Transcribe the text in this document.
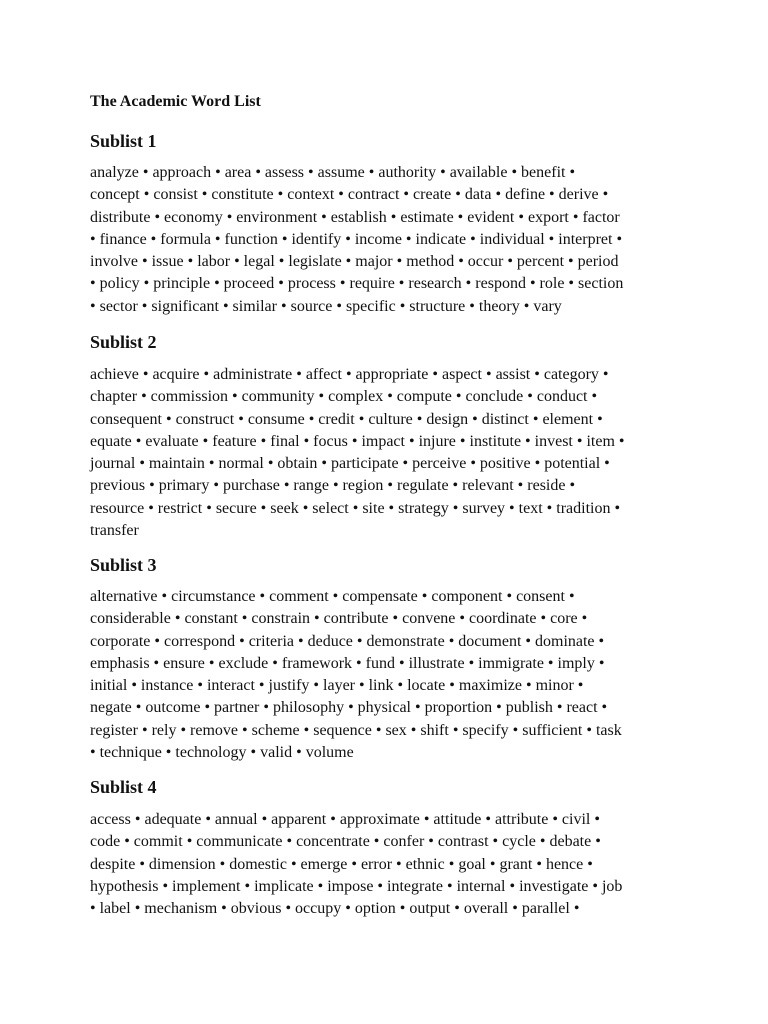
The Academic Word List
Sublist 1
analyze • approach • area • assess • assume • authority • available • benefit •
concept • consist • constitute • context • contract • create • data • define • derive •
distribute • economy • environment • establish • estimate • evident • export • factor
• finance • formula • function • identify • income • indicate • individual • interpret •
involve • issue • labor • legal • legislate • major • method • occur • percent • period
• policy • principle • proceed • process • require • research • respond • role • section
• sector • significant • similar • source • specific • structure • theory • vary
Sublist 2
achieve • acquire • administrate • affect • appropriate • aspect • assist • category •
chapter • commission • community • complex • compute • conclude • conduct •
consequent • construct • consume • credit • culture • design • distinct • element •
equate • evaluate • feature • final • focus • impact • injure • institute • invest • item •
journal • maintain • normal • obtain • participate • perceive • positive • potential •
previous • primary • purchase • range • region • regulate • relevant • reside •
resource • restrict • secure • seek • select • site • strategy • survey • text • tradition •
transfer
Sublist 3
alternative • circumstance • comment • compensate • component • consent •
considerable • constant • constrain • contribute • convene • coordinate • core •
corporate • correspond • criteria • deduce • demonstrate • document • dominate •
emphasis • ensure • exclude • framework • fund • illustrate • immigrate • imply •
initial • instance • interact • justify • layer • link • locate • maximize • minor •
negate • outcome • partner • philosophy • physical • proportion • publish • react •
register • rely • remove • scheme • sequence • sex • shift • specify • sufficient • task
• technique • technology • valid • volume
Sublist 4
access • adequate • annual • apparent • approximate • attitude • attribute • civil •
code • commit • communicate • concentrate • confer • contrast • cycle • debate •
despite • dimension • domestic • emerge • error • ethnic • goal • grant • hence •
hypothesis • implement • implicate • impose • integrate • internal • investigate • job
• label • mechanism • obvious • occupy • option • output • overall • parallel •
